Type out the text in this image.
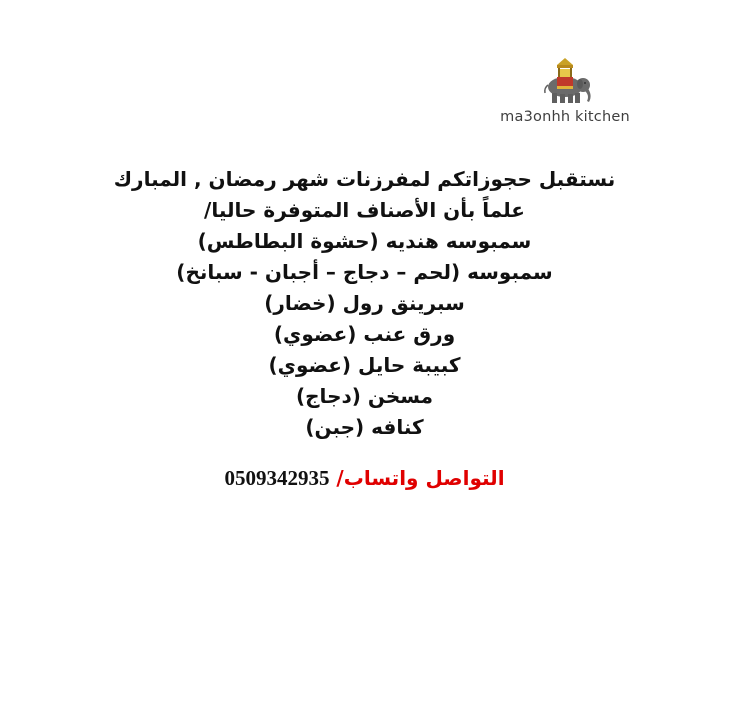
ma3onhh kitchen
نستقبل حجوزاتكم لمفرزنات شهر رمضان , المبارك
علماً بأن الأصناف المتوفرة حاليا/
سمبوسه هنديه (حشوة البطاطس)
سمبوسه (لحم – دجاج – أجبان - سبانخ)
سبرينق رول (خضار)
ورق عنب (عضوي)
كبيبة حايل (عضوي)
مسخن (دجاج)
كنافه (جبن)
0509342935 التواصل واتساب/
